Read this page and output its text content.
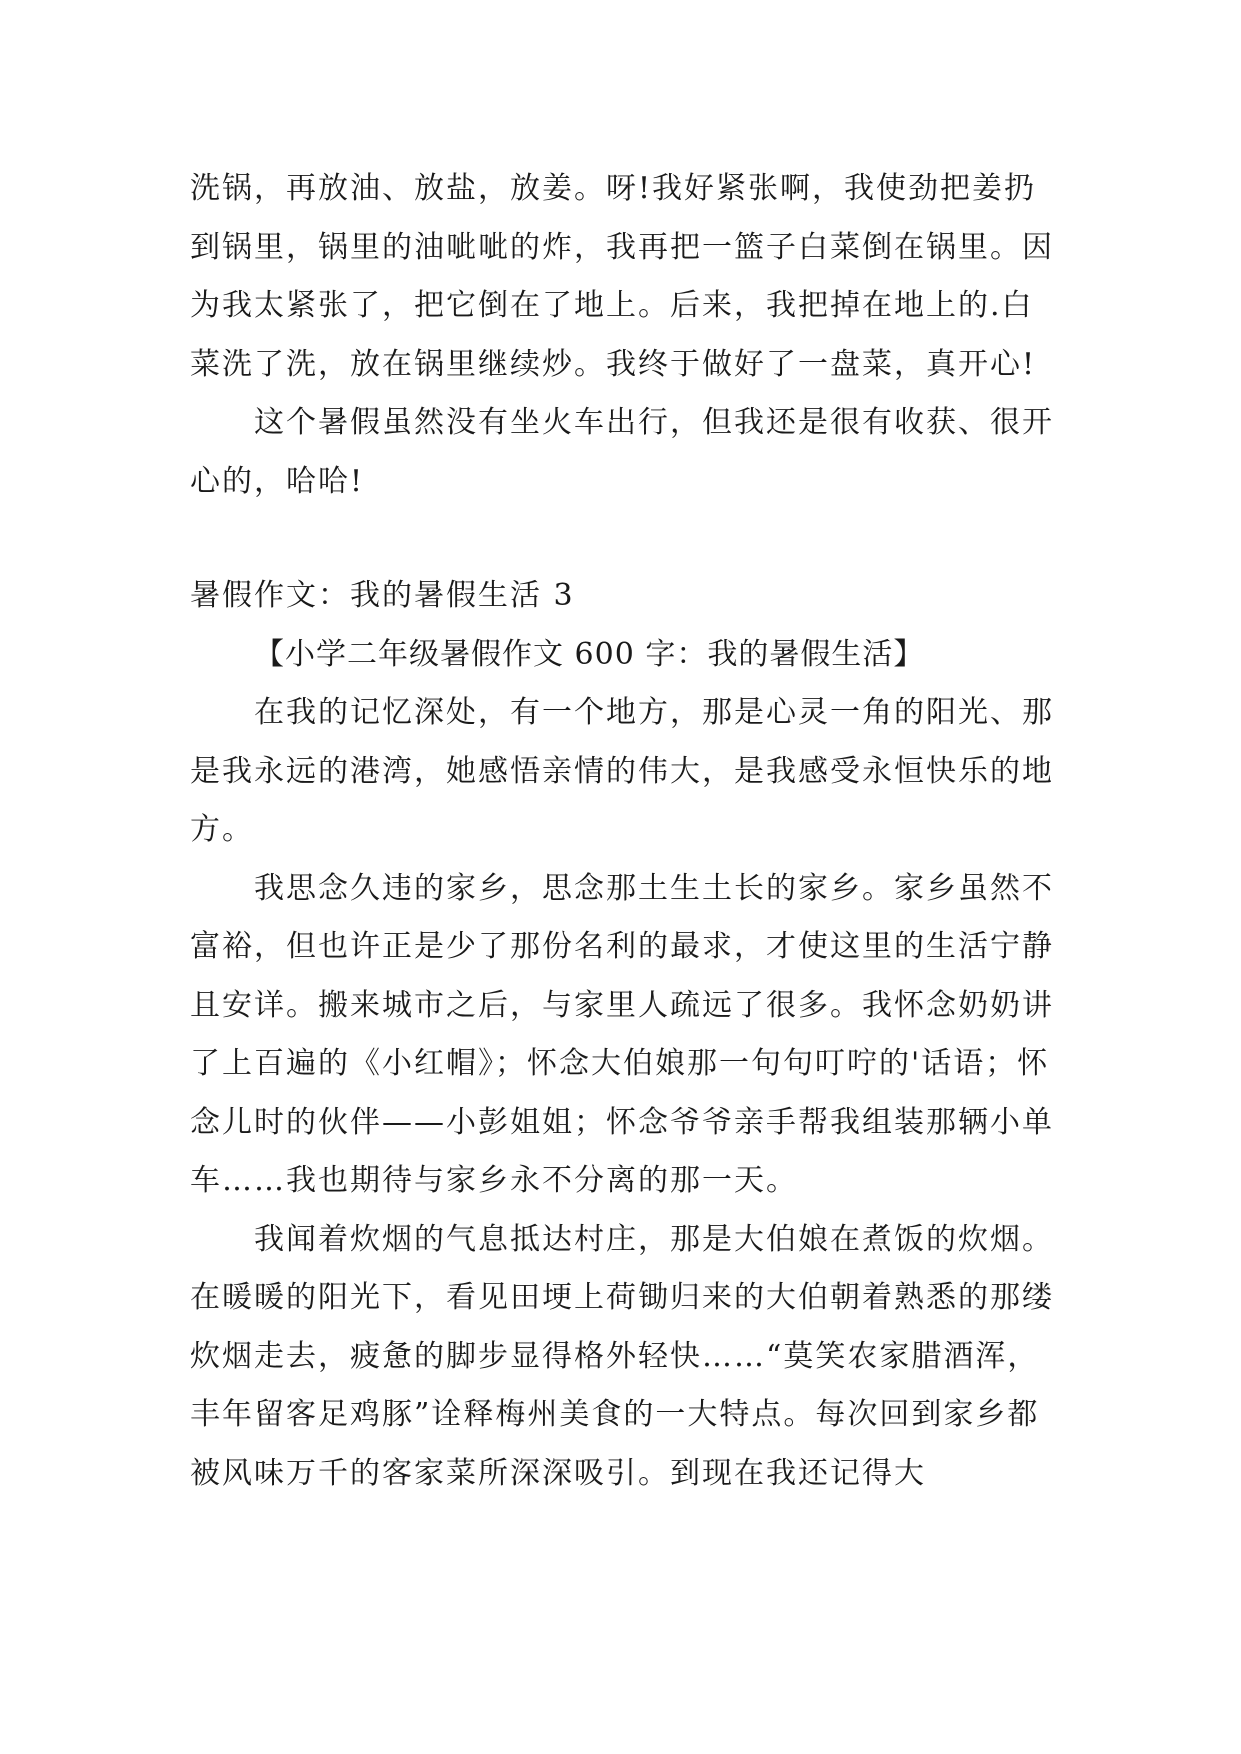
洗锅，再放油、放盐，放姜。呀!我好紧张啊，我使劲把姜扔到锅里，锅里的油呲呲的炸，我再把一篮子白菜倒在锅里。因为我太紧张了，把它倒在了地上。后来，我把掉在地上的.白菜洗了洗，放在锅里继续炒。我终于做好了一盘菜，真开心!

这个暑假虽然没有坐火车出行，但我还是很有收获、很开心的，哈哈!

暑假作文：我的暑假生活 3

【小学二年级暑假作文 600 字：我的暑假生活】

在我的记忆深处，有一个地方，那是心灵一角的阳光、那是我永远的港湾，她感悟亲情的伟大，是我感受永恒快乐的地方。

我思念久违的家乡，思念那土生土长的家乡。家乡虽然不富裕，但也许正是少了那份名利的最求，才使这里的生活宁静且安详。搬来城市之后，与家里人疏远了很多。我怀念奶奶讲了上百遍的《小红帽》；怀念大伯娘那一句句叮咛的'话语；怀念儿时的伙伴——小彭姐姐；怀念爷爷亲手帮我组装那辆小单车……我也期待与家乡永不分离的那一天。

我闻着炊烟的气息抵达村庄，那是大伯娘在煮饭的炊烟。在暖暖的阳光下，看见田埂上荷锄归来的大伯朝着熟悉的那缕炊烟走去，疲惫的脚步显得格外轻快……“莫笑农家腊酒浑，丰年留客足鸡豚”诠释梅州美食的一大特点。每次回到家乡都被风味万千的客家菜所深深吸引。到现在我还记得大
